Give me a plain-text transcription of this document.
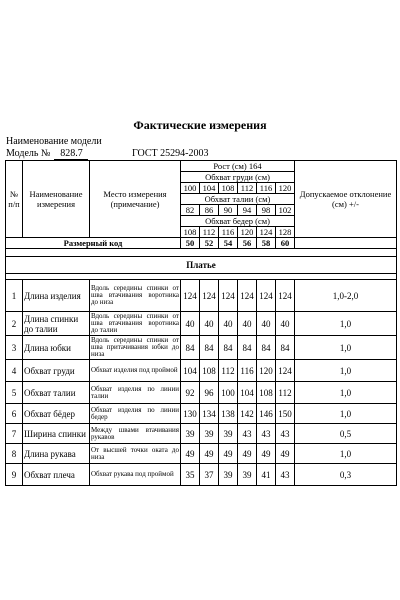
Фактические измерения
Наименование модели
Модель № 828.7	ГОСТ 25294-2003
№ п/п	Наименование измерения	Место измерения (примечание)	Рост (см) 164						Допускаемое отклонение (см) +/-
			Обхват груди (см)						
			100	104	108	112	116	120	
			Обхват талии (см)						
			82	86	90	94	98	102	
			Обхват бедер (см)						
			108	112	116	120	124	128	
Размерный код			50	52	54	56	58	60	

Платье									

1	Длина изделия	Вдоль середины спинки от шва втачивания воротника до низа	124	124	124	124	124	124	1,0-2,0
2	Длина спинки до талии	Вдоль середины спинки от шва втачивания воротника до талии	40	40	40	40	40	40	1,0
3	Длина юбки	Вдоль середины спинки от шва притачивания юбки до низа	84	84	84	84	84	84	1,0
4	Обхват груди	Обхват изделия под проймой	104	108	112	116	120	124	1,0
5	Обхват талии	Обхват изделия по линии талии	92	96	100	104	108	112	1,0
6	Обхват бёдер	Обхват изделия по линии бедер	130	134	138	142	146	150	1,0
7	Ширина спинки	Между швами втачивания рукавов	39	39	39	43	43	43	0,5
8	Длина рукава	От высшей точки оката до низа	49	49	49	49	49	49	1,0
9	Обхват плеча	Обхват рукава под проймой	35	37	39	39	41	43	0,3
